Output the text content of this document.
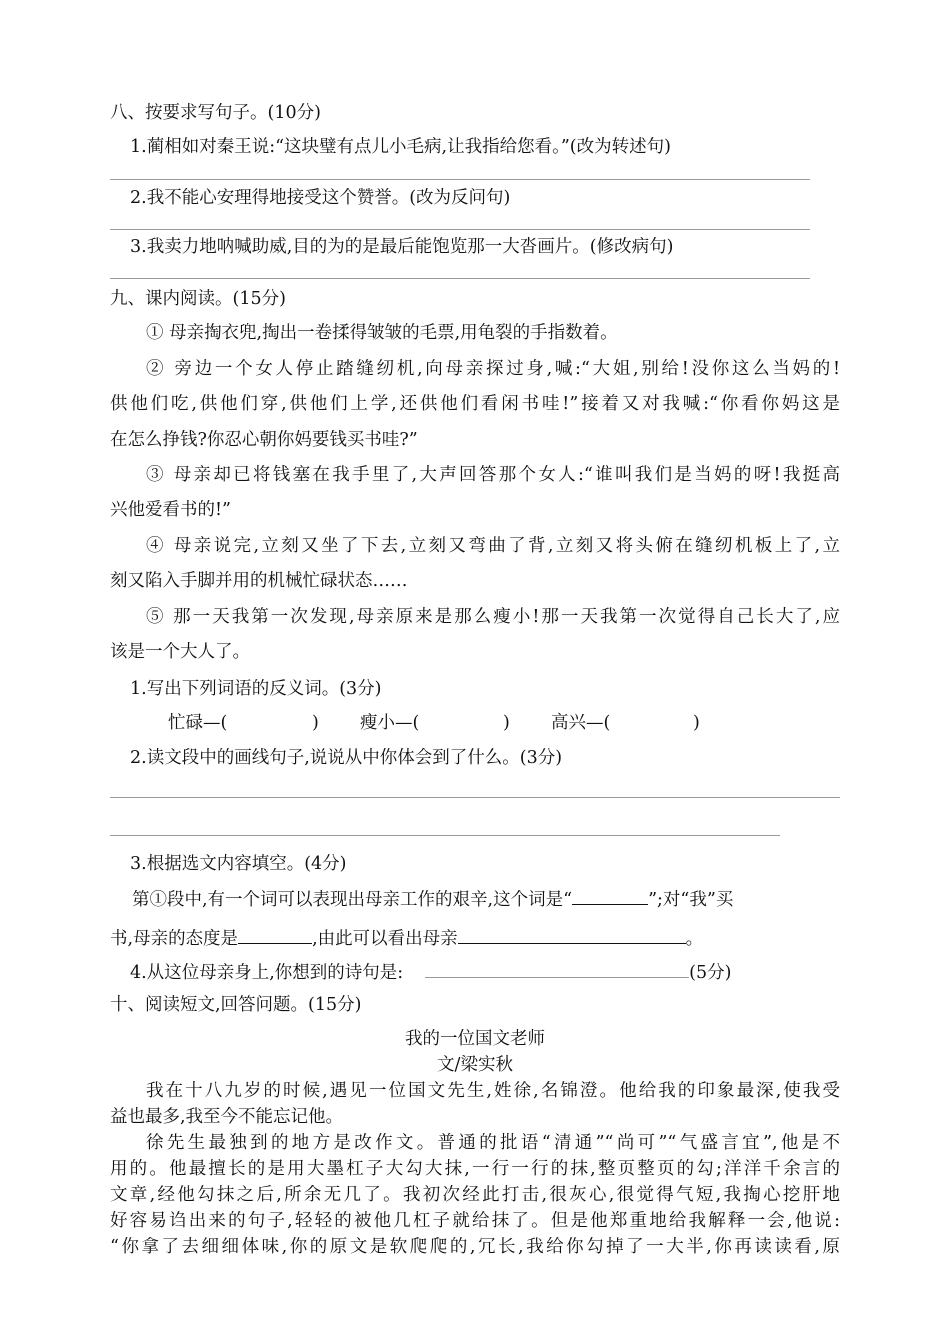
八、按要求写句子。(10分)
1.蔺相如对秦王说:“这块璧有点儿小毛病,让我指给您看。”(改为转述句)
2.我不能心安理得地接受这个赞誉。(改为反问句)
3.我卖力地呐喊助威,目的为的是最后能饱览那一大沓画片。(修改病句)
九、课内阅读。(15分)
① 母亲掏衣兜,掏出一卷揉得皱皱的毛票,用龟裂的手指数着。
② 旁边一个女人停止踏缝纫机,向母亲探过身,喊:“大姐,别给!没你这么当妈的!
供他们吃,供他们穿,供他们上学,还供他们看闲书哇!”接着又对我喊:“你看你妈这是
在怎么挣钱?你忍心朝你妈要钱买书哇?”
③ 母亲却已将钱塞在我手里了,大声回答那个女人:“谁叫我们是当妈的呀!我挺高
兴他爱看书的!”
④ 母亲说完,立刻又坐了下去,立刻又弯曲了背,立刻又将头俯在缝纫机板上了,立
刻又陷入手脚并用的机械忙碌状态……
⑤ 那一天我第一次发现,母亲原来是那么瘦小!那一天我第一次觉得自己长大了,应
该是一个大人了。
1.写出下列词语的反义词。(3分)
忙碌—(	) 瘦小—(	) 高兴—(	)
2.读文段中的画线句子,说说从中你体会到了什么。(3分)
3.根据选文内容填空。(4分)
第①段中,有一个词可以表现出母亲工作的艰辛,这个词是“	”;对“我”买
书,母亲的态度是	,由此可以看出母亲	。
4.从这位母亲身上,你想到的诗句是:	(5分)
十、阅读短文,回答问题。(15分)
我的一位国文老师
文/梁实秋
我在十八九岁的时候,遇见一位国文先生,姓徐,名锦澄。他给我的印象最深,使我受
益也最多,我至今不能忘记他。
徐先生最独到的地方是改作文。普通的批语“清通”“尚可”“气盛言宜”,他是不
用的。他最擅长的是用大墨杠子大勾大抹,一行一行的抹,整页整页的勾;洋洋千余言的
文章,经他勾抹之后,所余无几了。我初次经此打击,很灰心,很觉得气短,我掏心挖肝地
好容易诌出来的句子,轻轻的被他几杠子就给抹了。但是他郑重地给我解释一会,他说:
“你拿了去细细体味,你的原文是软爬爬的,冗长,我给你勾掉了一大半,你再读读看,原
